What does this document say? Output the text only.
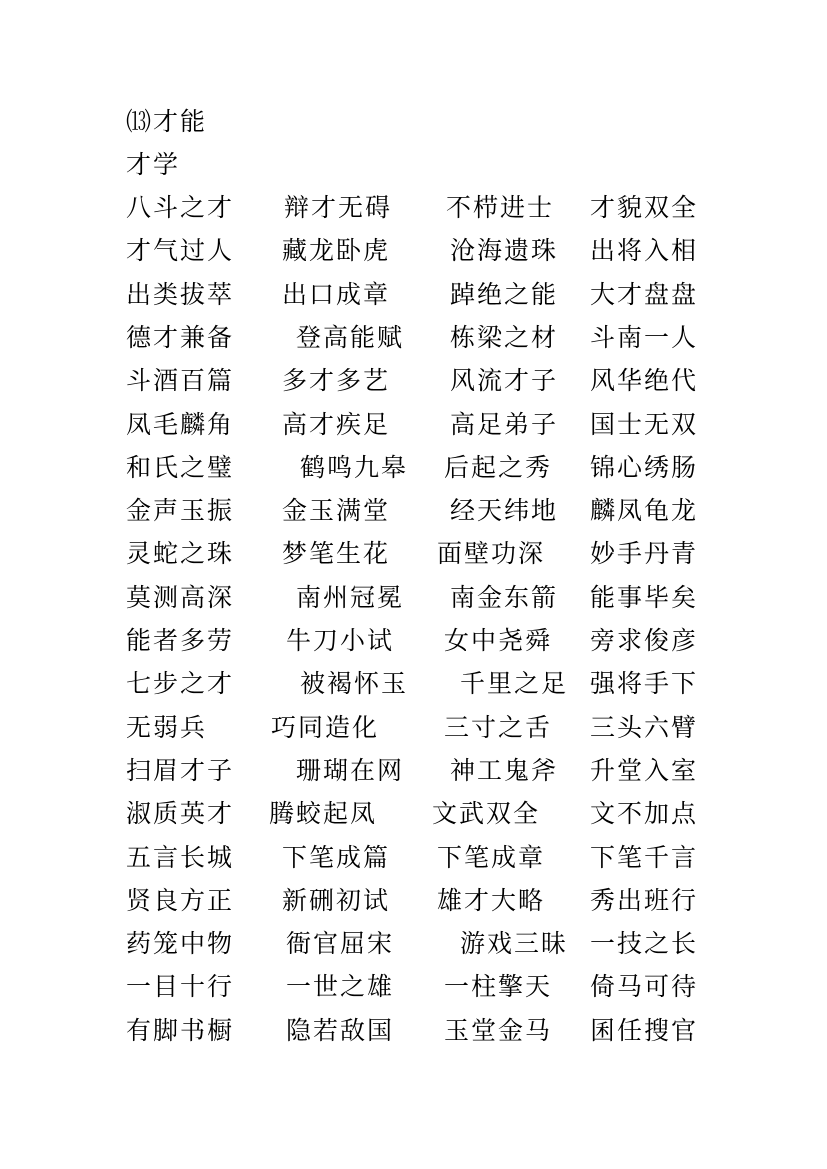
⒀才能
才学
八斗之才 辩才无碍 不栉进士 才貌双全
才气过人 藏龙卧虎 沧海遗珠 出将入相
出类拔萃 出口成章 踔绝之能 大才盘盘
德才兼备 登高能赋 栋梁之材 斗南一人
斗酒百篇 多才多艺 风流才子 风华绝代
凤毛麟角 高才疾足 高足弟子 国士无双
和氏之璧	鹤鸣九皋 后起之秀 锦心绣肠
金声玉振 金玉满堂 经天纬地 麟凤龟龙
灵蛇之珠 梦笔生花 面壁功深 妙手丹青
莫测高深 南州冠冕 南金东箭 能事毕矣
能者多劳 牛刀小试 女中尧舜 旁求俊彦
七步之才	被褐怀玉 千里之足 强将手下
无弱兵	巧同造化	三寸之舌 三头六臂
扫眉才子 珊瑚在网 神工鬼斧 升堂入室
淑质英才 腾蛟起凤 文武双全 文不加点
五言长城 下笔成篇 下笔成章 下笔千言
贤良方正 新硎初试 雄才大略 秀出班行
药笼中物 衙官屈宋	游戏三昧 一技之长
一目十行 一世之雄 一柱擎天 倚马可待
有脚书橱 隐若敌国 玉堂金马 囷任搜官
